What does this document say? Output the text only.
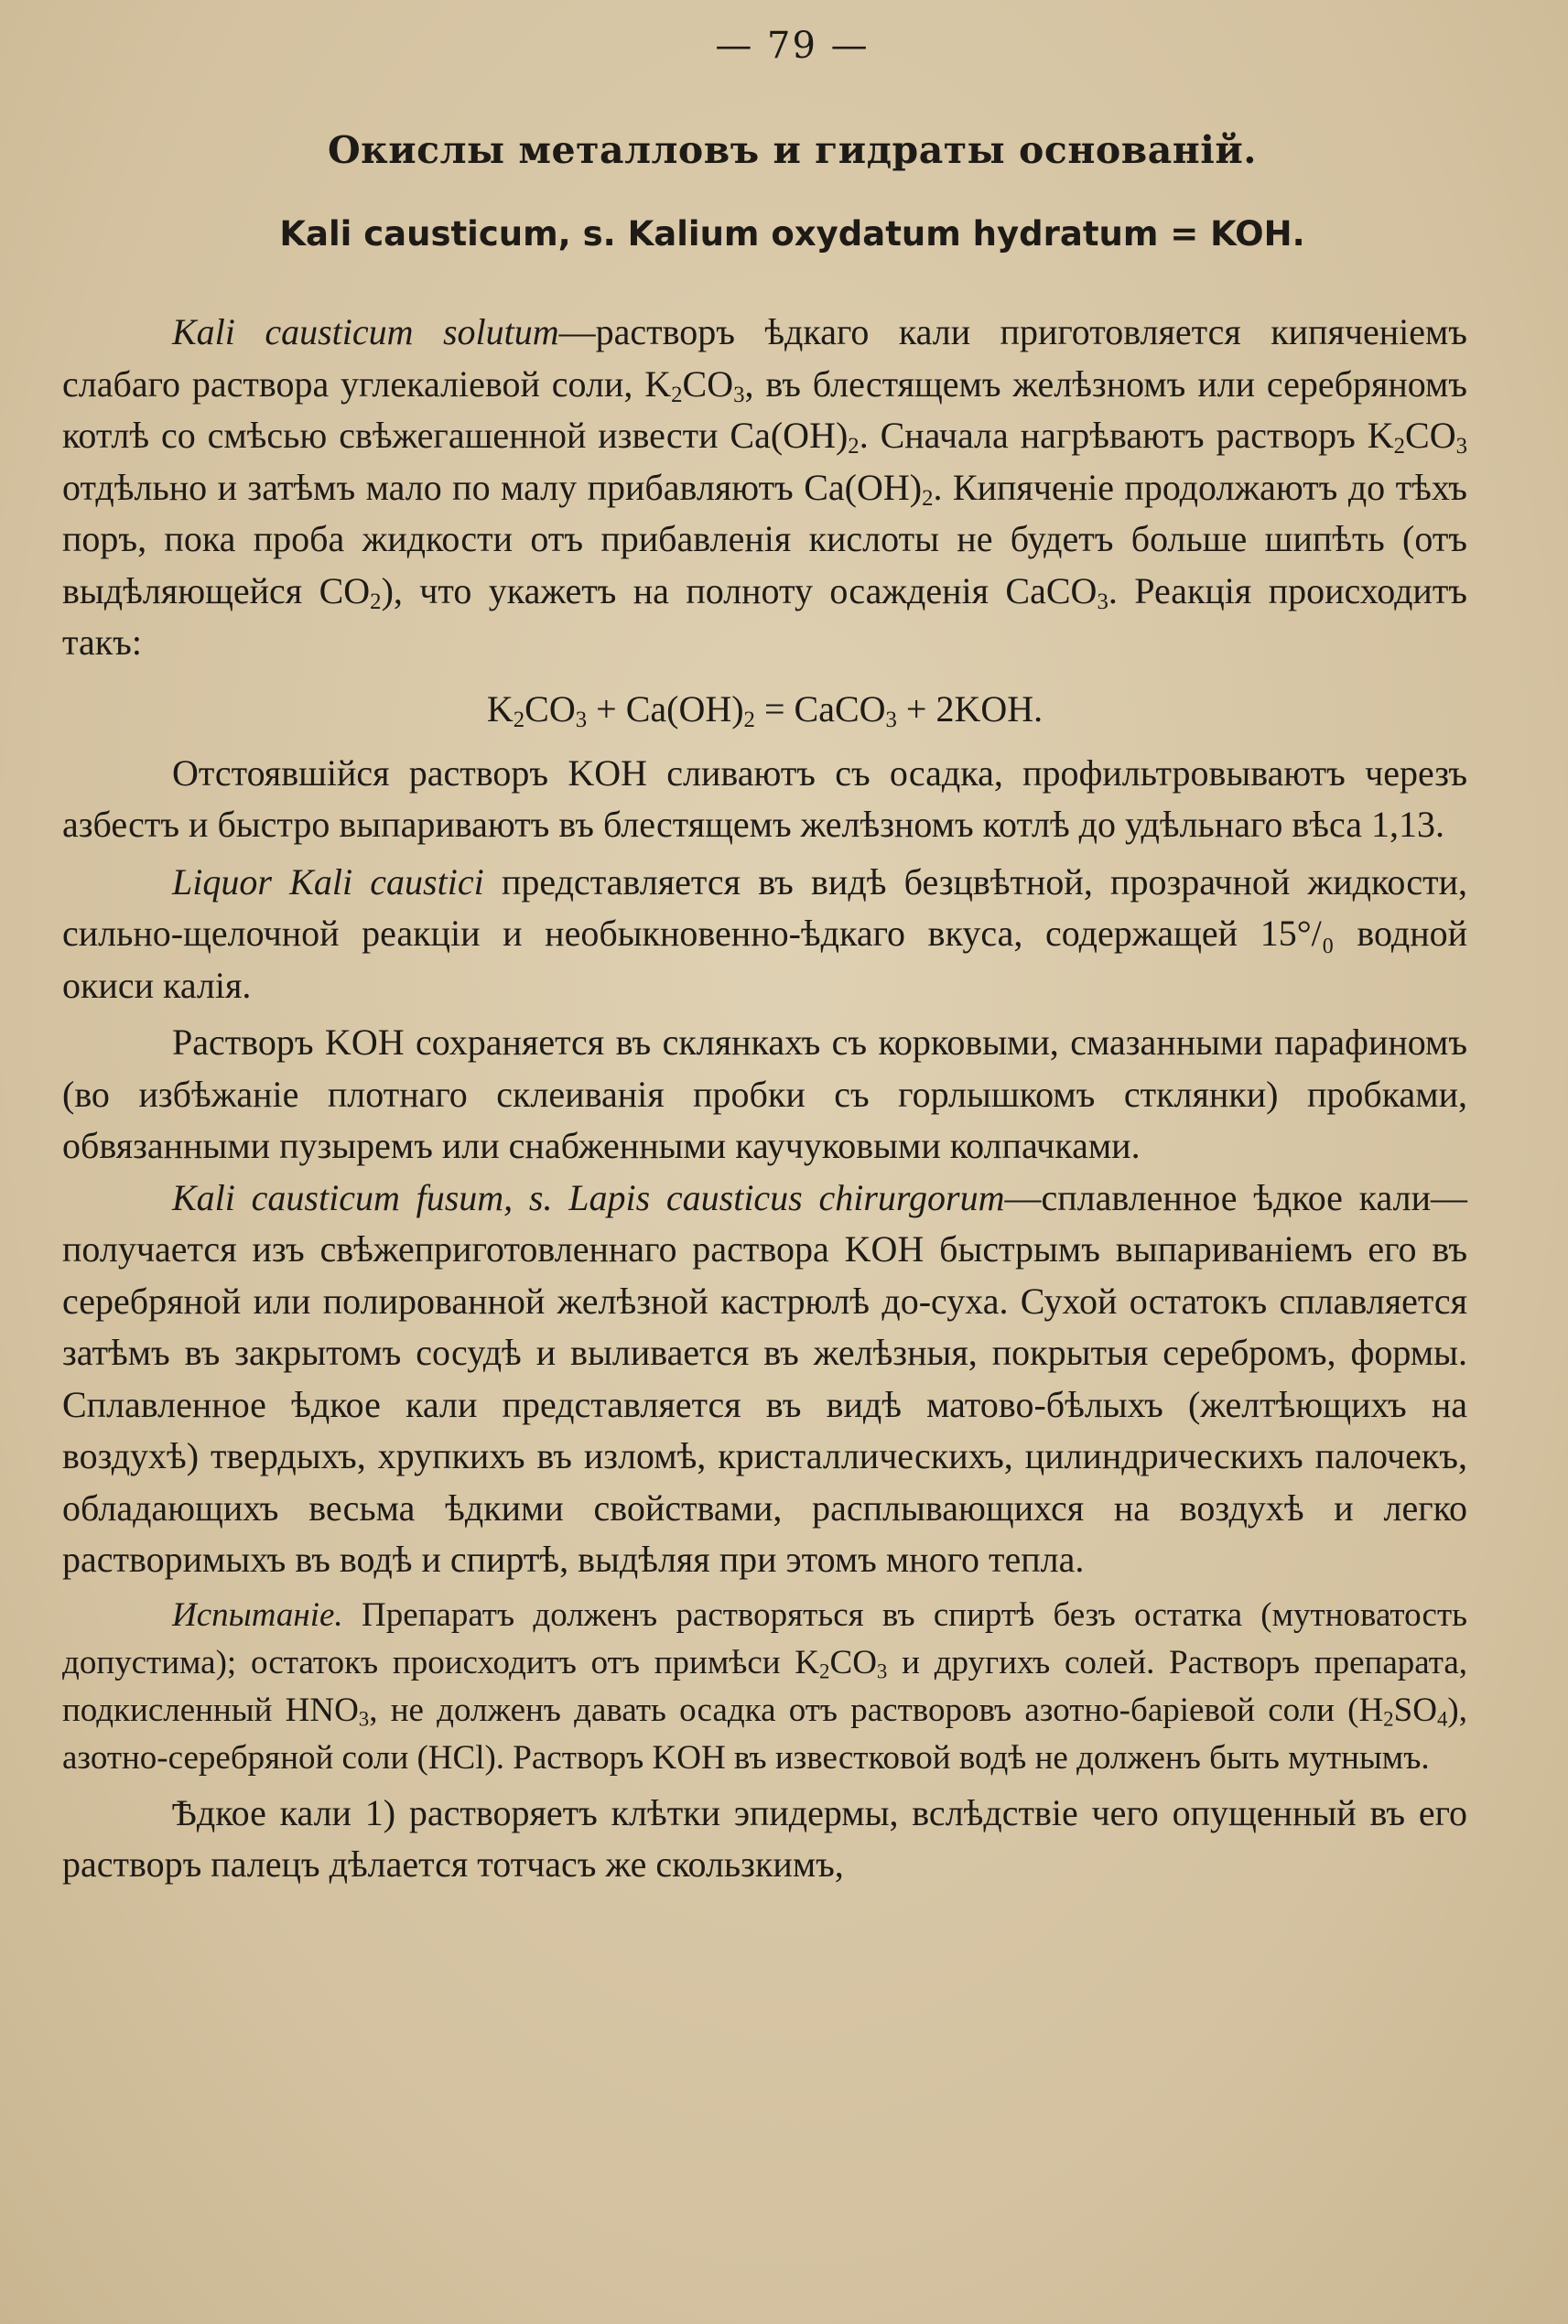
— 79 —
Окислы металловъ и гидраты основаній.
Kali causticum, s. Kalium oxydatum hydratum = KOH.

Kali causticum solutum—растворъ ѣдкаго кали приготовляется кипяченіемъ слабаго раствора углекаліевой соли, $K_2CO_3$, въ блестящемъ желѣзномъ или серебряномъ котлѣ со смѣсью свѣжегашенной извести $Ca(OH)_2$. Сначала нагрѣваютъ растворъ $K_2CO_3$ отдѣльно и затѣмъ мало по малу прибавляютъ $Ca(OH)_2$. Кипяченіе продолжаютъ до тѣхъ поръ, пока проба жидкости отъ прибавленія кислоты не будетъ больше шипѣть (отъ выдѣляющейся $CO_2$), что укажетъ на полноту осажденія CaCO$_3$. Реакція происходитъ такъ:

$K_2CO_3 + Ca(OH)_2$ = CaCO$_3$ + 2KOH.

Отстоявшійся растворъ KOH сливаютъ съ осадка, профильтровываютъ черезъ азбестъ и быстро выпариваютъ въ блестящемъ желѣзномъ котлѣ до удѣльнаго вѣса 1,13.

Liquor Kali caustici представляется въ видѣ безцвѣтной, прозрачной жидкости, сильно-щелочной реакціи и необыкновенно-ѣдкаго вкуса, содержащей 15°/₀ водной окиси калія.

Растворъ KOH сохраняется въ склянкахъ съ корковыми, смазанными парафиномъ (во избѣжаніе плотнаго склеиванія пробки съ горлышкомъ стклянки) пробками, обвязанными пузыремъ или снабженными каучуковыми колпачками.

Kali causticum fusum, s. Lapis causticus chirurgorum—сплавленное ѣдкое кали—получается изъ свѣжеприготовленнаго раствора KOH быстрымъ выпариваніемъ его въ серебряной или полированной желѣзной кастрюлѣ до-суха. Сухой остатокъ сплавляется затѣмъ въ закрытомъ сосудѣ и выливается въ желѣзныя, покрытыя серебромъ, формы. Сплавленное ѣдкое кали представляется въ видѣ матово-бѣлыхъ (желтѣющихъ на воздухѣ) твердыхъ, хрупкихъ въ изломѣ, кристаллическихъ, цилиндрическихъ палочекъ, обладающихъ весьма ѣдкими свойствами, расплывающихся на воздухѣ и легко растворимыхъ въ водѣ и спиртѣ, выдѣляя при этомъ много тепла.

Испытаніе. Препаратъ долженъ растворяться въ спиртѣ безъ остатка (мутноватость допустима); остатокъ происходитъ отъ примѣси $K_2CO_3$ и другихъ солей. Растворъ препарата, подкисленный $HNO_3$, не долженъ давать осадка отъ растворовъ азотно-баріевой соли $(H_2SO_4)$, азотно-серебряной соли (HCl). Растворъ KOH въ известковой водѣ не долженъ быть мутнымъ.

Ѣдкое кали 1) растворяетъ клѣтки эпидермы, вслѣдствіе чего опущенный въ его растворъ палецъ дѣлается тотчасъ же скользкимъ,
